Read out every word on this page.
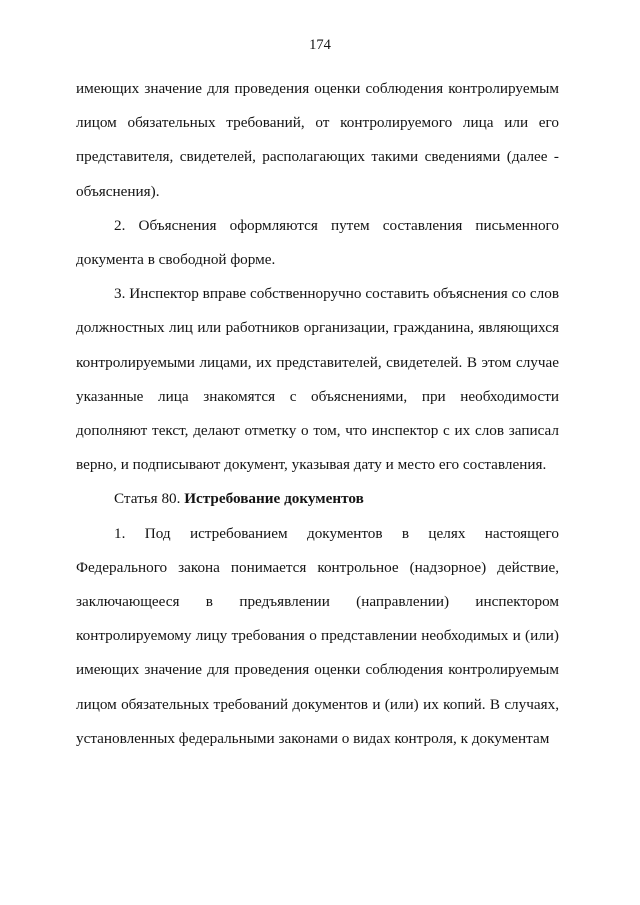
174

имеющих значение для проведения оценки соблюдения контролируемым лицом обязательных требований, от контролируемого лица или его представителя, свидетелей, располагающих такими сведениями (далее - объяснения).

2. Объяснения оформляются путем составления письменного документа в свободной форме.

3. Инспектор вправе собственноручно составить объяснения со слов должностных лиц или работников организации, гражданина, являющихся контролируемыми лицами, их представителей, свидетелей. В этом случае указанные лица знакомятся с объяснениями, при необходимости дополняют текст, делают отметку о том, что инспектор с их слов записал верно, и подписывают документ, указывая дату и место его составления.

Статья 80. Истребование документов

1. Под истребованием документов в целях настоящего Федерального закона понимается контрольное (надзорное) действие, заключающееся в предъявлении (направлении) инспектором контролируемому лицу требования о представлении необходимых и (или) имеющих значение для проведения оценки соблюдения контролируемым лицом обязательных требований документов и (или) их копий. В случаях, установленных федеральными законами о видах контроля, к документам
